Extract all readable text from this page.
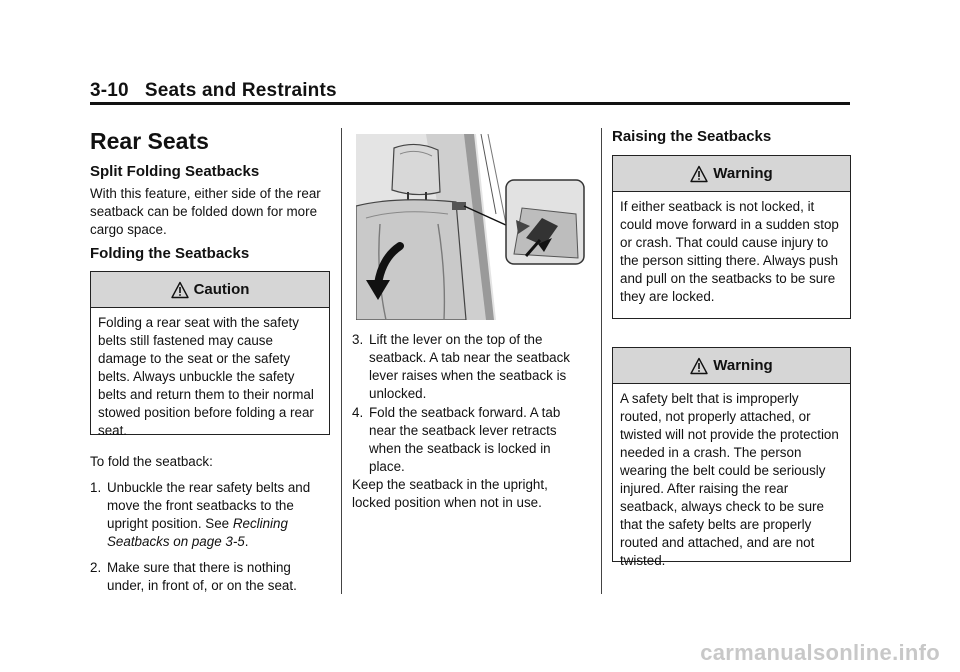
3-10 Seats and Restraints
Rear Seats
Split Folding Seatbacks
With this feature, either side of the rear seatback can be folded down for more cargo space.
Folding the Seatbacks
Caution
Folding a rear seat with the safety belts still fastened may cause damage to the seat or the safety belts. Always unbuckle the safety belts and return them to their normal stowed position before folding a rear seat.
To fold the seatback:
1. Unbuckle the rear safety belts and move the front seatbacks to the upright position. See Reclining Seatbacks on page 3-5.
2. Make sure that there is nothing under, in front of, or on the seat.
3. Lift the lever on the top of the seatback. A tab near the seatback lever raises when the seatback is unlocked.
4. Fold the seatback forward. A tab near the seatback lever retracts when the seatback is locked in place.
Keep the seatback in the upright, locked position when not in use.
Raising the Seatbacks
Warning
If either seatback is not locked, it could move forward in a sudden stop or crash. That could cause injury to the person sitting there. Always push and pull on the seatbacks to be sure they are locked.
Warning
A safety belt that is improperly routed, not properly attached, or twisted will not provide the protection needed in a crash. The person wearing the belt could be seriously injured. After raising the rear seatback, always check to be sure that the safety belts are properly routed and attached, and are not twisted.
carmanualsonline.info
